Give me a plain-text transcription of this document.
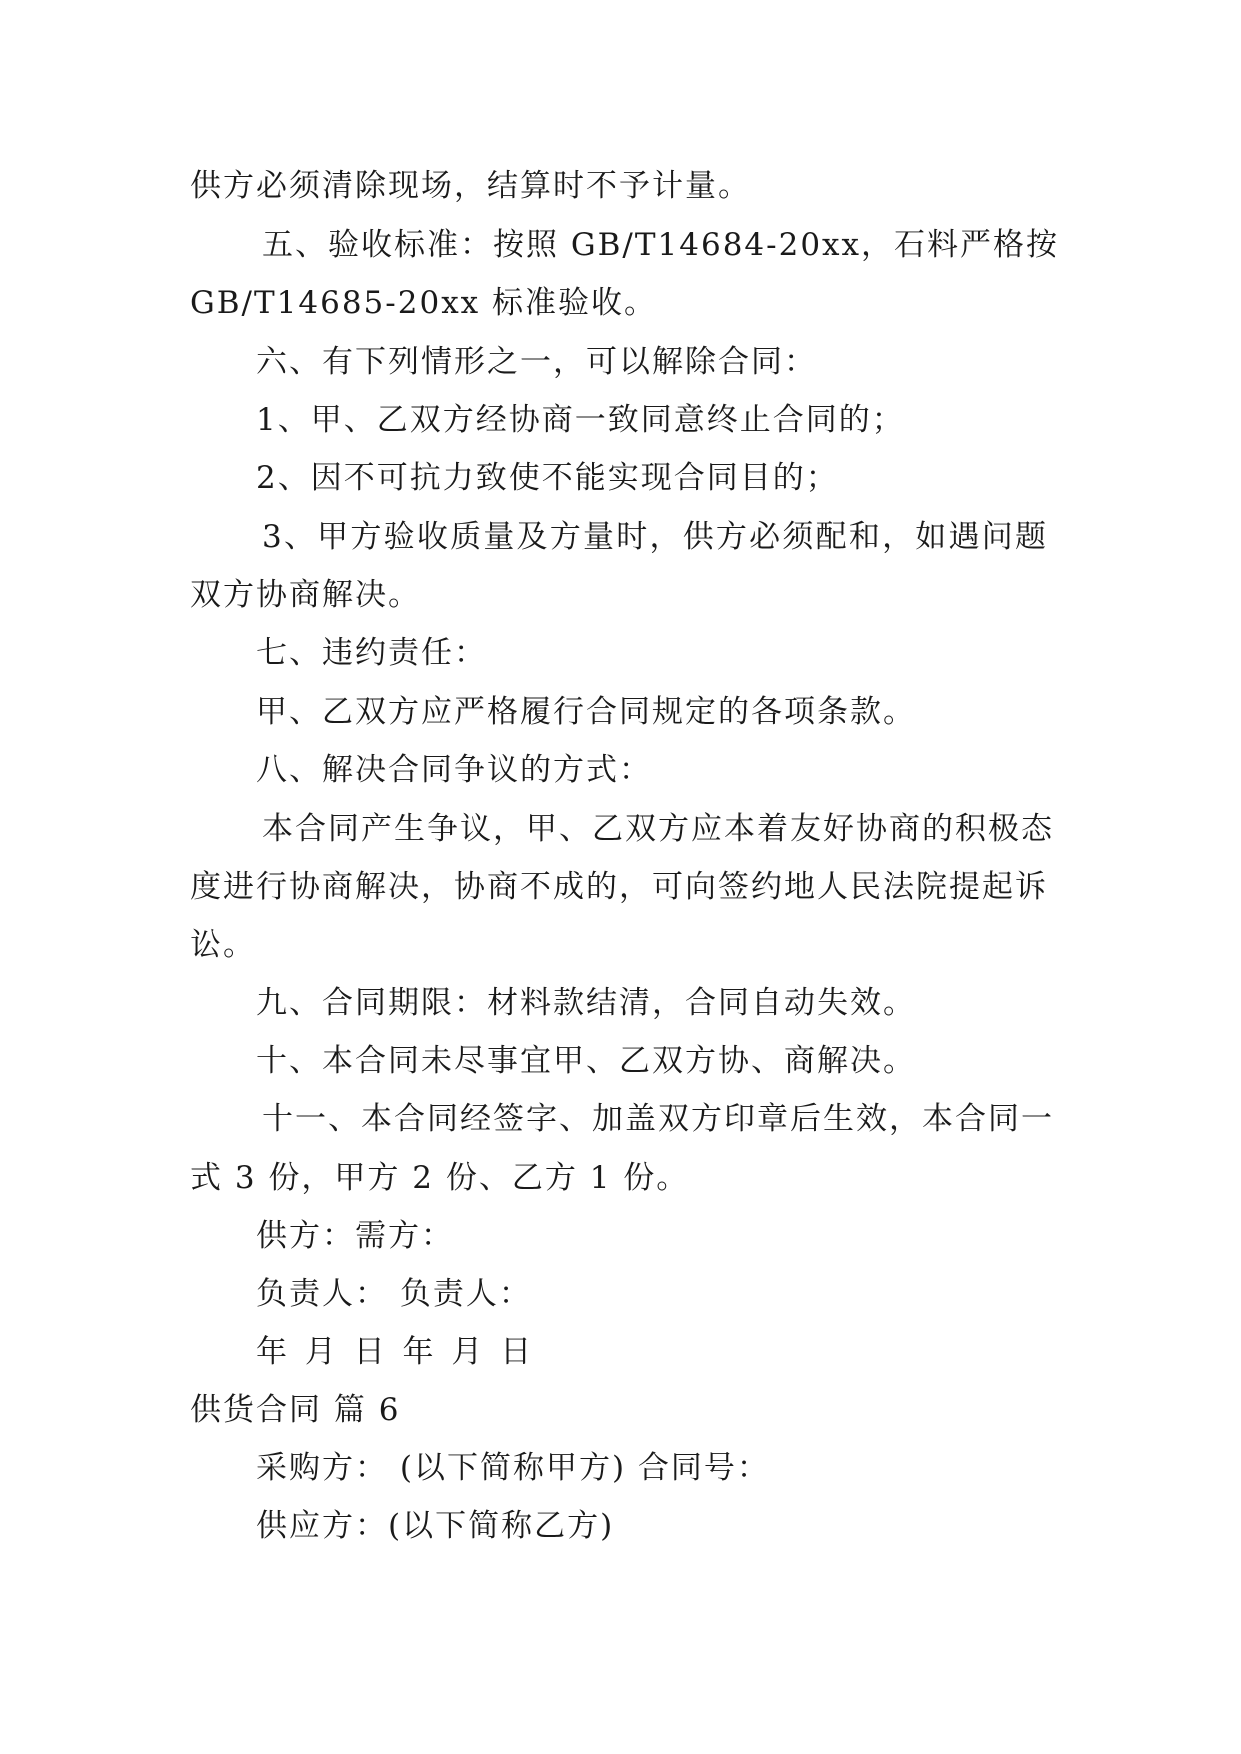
供方必须清除现场，结算时不予计量。
五、验收标准：按照 GB/T14684-20xx，石料严格按
GB/T14685-20xx 标准验收。
六、有下列情形之一，可以解除合同：
1、甲、乙双方经协商一致同意终止合同的；
2、因不可抗力致使不能实现合同目的；
3、甲方验收质量及方量时，供方必须配和，如遇问题
双方协商解决。
七、违约责任：
甲、乙双方应严格履行合同规定的各项条款。
八、解决合同争议的方式：
本合同产生争议，甲、乙双方应本着友好协商的积极态
度进行协商解决，协商不成的，可向签约地人民法院提起诉
讼。
九、合同期限：材料款结清，合同自动失效。
十、本合同未尽事宜甲、乙双方协、商解决。
十一、本合同经签字、加盖双方印章后生效，本合同一
式 3 份，甲方 2 份、乙方 1 份。
供方：需方：
负责人： 负责人：
年 月 日 年 月 日
供货合同 篇 6
采购方： (以下简称甲方) 合同号：
供应方：(以下简称乙方)
